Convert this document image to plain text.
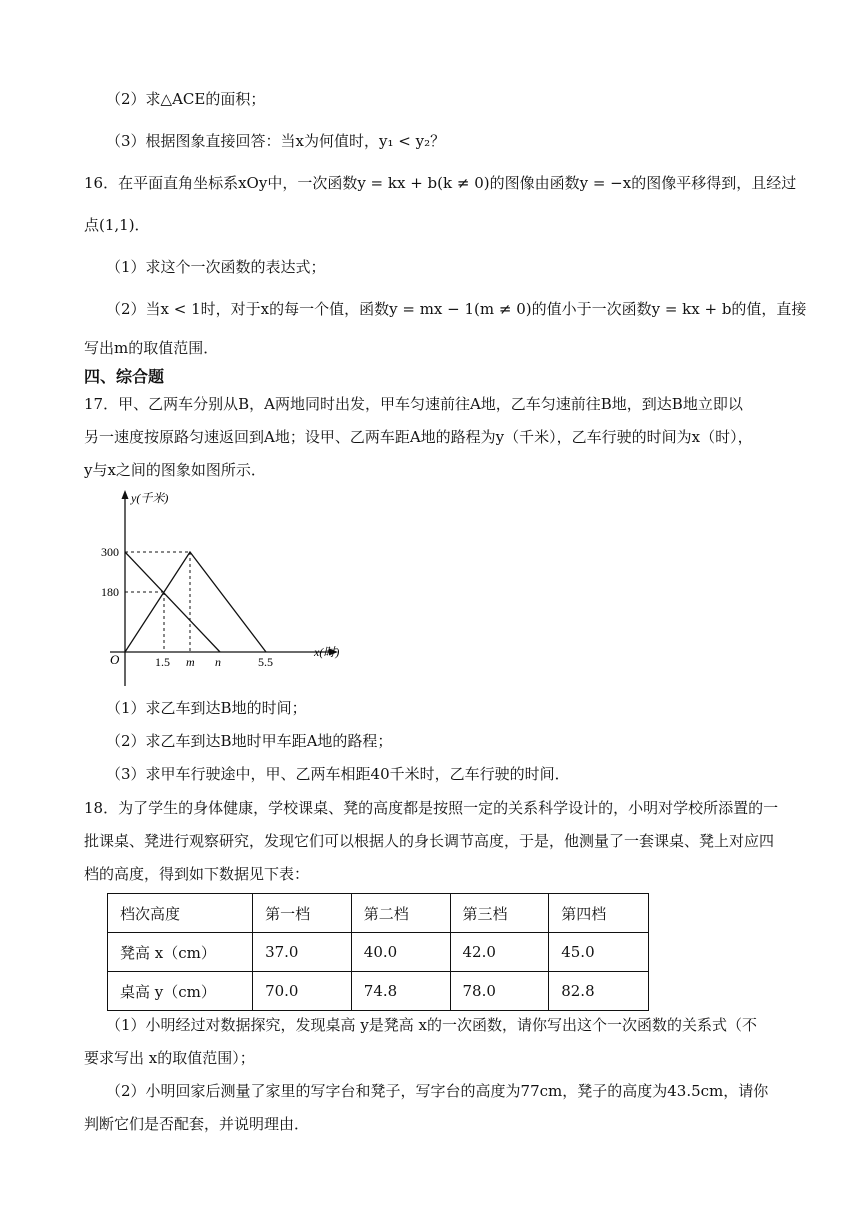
（2）求△ACE的面积；
（3）根据图象直接回答：当x为何值时，y₁ < y₂？
16．在平面直角坐标系xOy中，一次函数y = kx + b(k ≠ 0)的图像由函数y = −x的图像平移得到，且经过
点(1,1)．
（1）求这个一次函数的表达式；
（2）当x < 1时，对于x的每一个值，函数y = mx − 1(m ≠ 0)的值小于一次函数y = kx + b的值，直接
写出m的取值范围．
四、综合题
17．甲、乙两车分别从B，A两地同时出发，甲车匀速前往A地，乙车匀速前往B地，到达B地立即以
另一速度按原路匀速返回到A地；设甲、乙两车距A地的路程为y（千米），乙车行驶的时间为x（时），
y与x之间的图象如图所示．
y(千米)
x(时)
O
300
180
1.5 m n	5.5
（1）求乙车到达B地的时间；
（2）求乙车到达B地时甲车距A地的路程；
（3）求甲车行驶途中，甲、乙两车相距40千米时，乙车行驶的时间．
18．为了学生的身体健康，学校课桌、凳的高度都是按照一定的关系科学设计的，小明对学校所添置的一
批课桌、凳进行观察研究，发现它们可以根据人的身长调节高度，于是，他测量了一套课桌、凳上对应四
档的高度，得到如下数据见下表：
档次高度	第一档	第二档	第三档	第四档
凳高 x（cm）	37.0	40.0	42.0	45.0
桌高 y（cm）	70.0	74.8	78.0	82.8
（1）小明经过对数据探究，发现桌高 y是凳高 x的一次函数，请你写出这个一次函数的关系式（不
要求写出 x的取值范围）；
（2）小明回家后测量了家里的写字台和凳子，写字台的高度为77cm，凳子的高度为43.5cm，请你
判断它们是否配套，并说明理由．
